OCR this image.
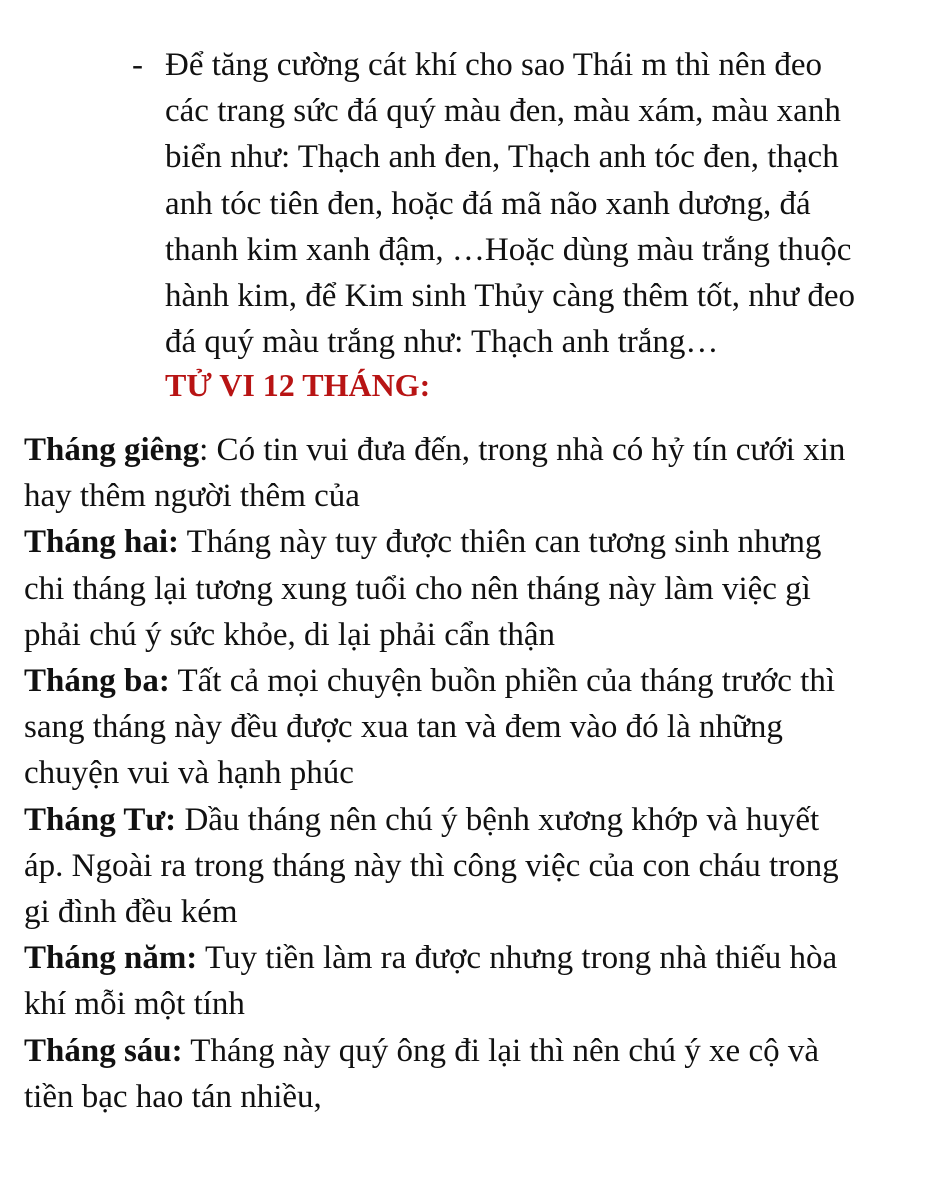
- Để tăng cường cát khí cho sao Thái m thì nên đeo
các trang sức đá quý màu đen, màu xám, màu xanh
biển như: Thạch anh đen, Thạch anh tóc đen, thạch
anh tóc tiên đen, hoặc đá mã não xanh dương, đá
thanh kim xanh đậm, …Hoặc dùng màu trắng thuộc
hành kim, để Kim sinh Thủy càng thêm tốt, như đeo
đá quý màu trắng như: Thạch anh trắng…
TỬ VI 12 THÁNG:
Tháng giêng: Có tin vui đưa đến, trong nhà có hỷ tín cưới xin
hay thêm người thêm của
Tháng hai: Tháng này tuy được thiên can tương sinh nhưng
chi tháng lại tương xung tuổi cho nên tháng này làm việc gì
phải chú ý sức khỏe, di lại phải cẩn thận
Tháng ba: Tất cả mọi chuyện buồn phiền của tháng trước thì
sang tháng này đều được xua tan và đem vào đó là những
chuyện vui và hạnh phúc
Tháng Tư: Dầu tháng nên chú ý bệnh xương khớp và huyết
áp. Ngoài ra trong tháng này thì công việc của con cháu trong
gi đình đều kém
Tháng năm: Tuy tiền làm ra được nhưng trong nhà thiếu hòa
khí mỗi một tính
Tháng sáu: Tháng này quý ông đi lại thì nên chú ý xe cộ và
tiền bạc hao tán nhiều,
